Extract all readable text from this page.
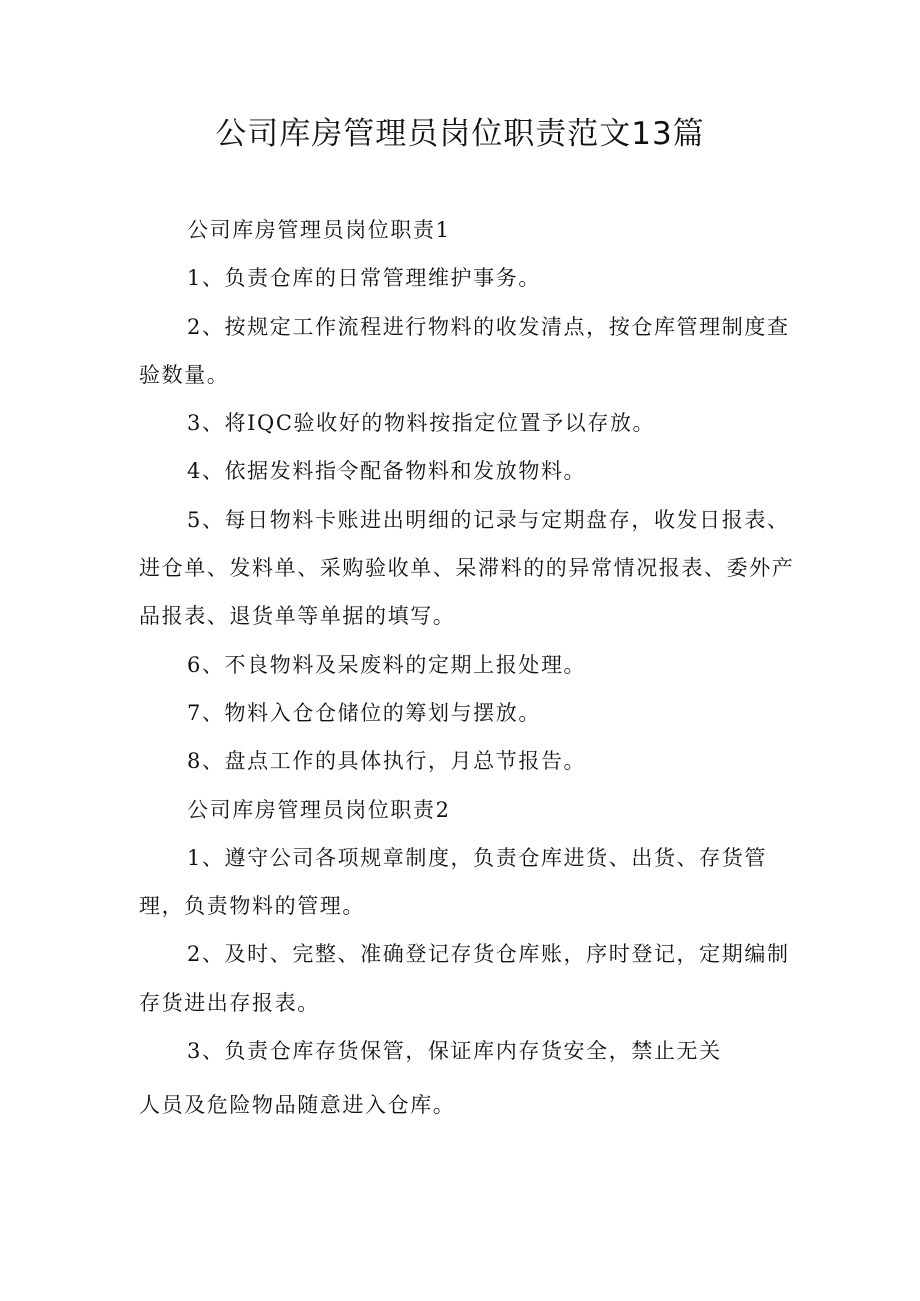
公司库房管理员岗位职责范文13篇

公司库房管理员岗位职责1

1、负责仓库的日常管理维护事务。

2、按规定工作流程进行物料的收发清点，按仓库管理制度查验数量。

3、将IQC验收好的物料按指定位置予以存放。

4、依据发料指令配备物料和发放物料。

5、每日物料卡账进出明细的记录与定期盘存，收发日报表、进仓单、发料单、采购验收单、呆滞料的的异常情况报表、委外产品报表、退货单等单据的填写。

6、不良物料及呆废料的定期上报处理。

7、物料入仓仓储位的筹划与摆放。

8、盘点工作的具体执行，月总节报告。

公司库房管理员岗位职责2

1、遵守公司各项规章制度，负责仓库进货、出货、存货管理，负责物料的管理。

2、及时、完整、准确登记存货仓库账，序时登记，定期编制存货进出存报表。

3、负责仓库存货保管，保证库内存货安全，禁止无关

人员及危险物品随意进入仓库。
